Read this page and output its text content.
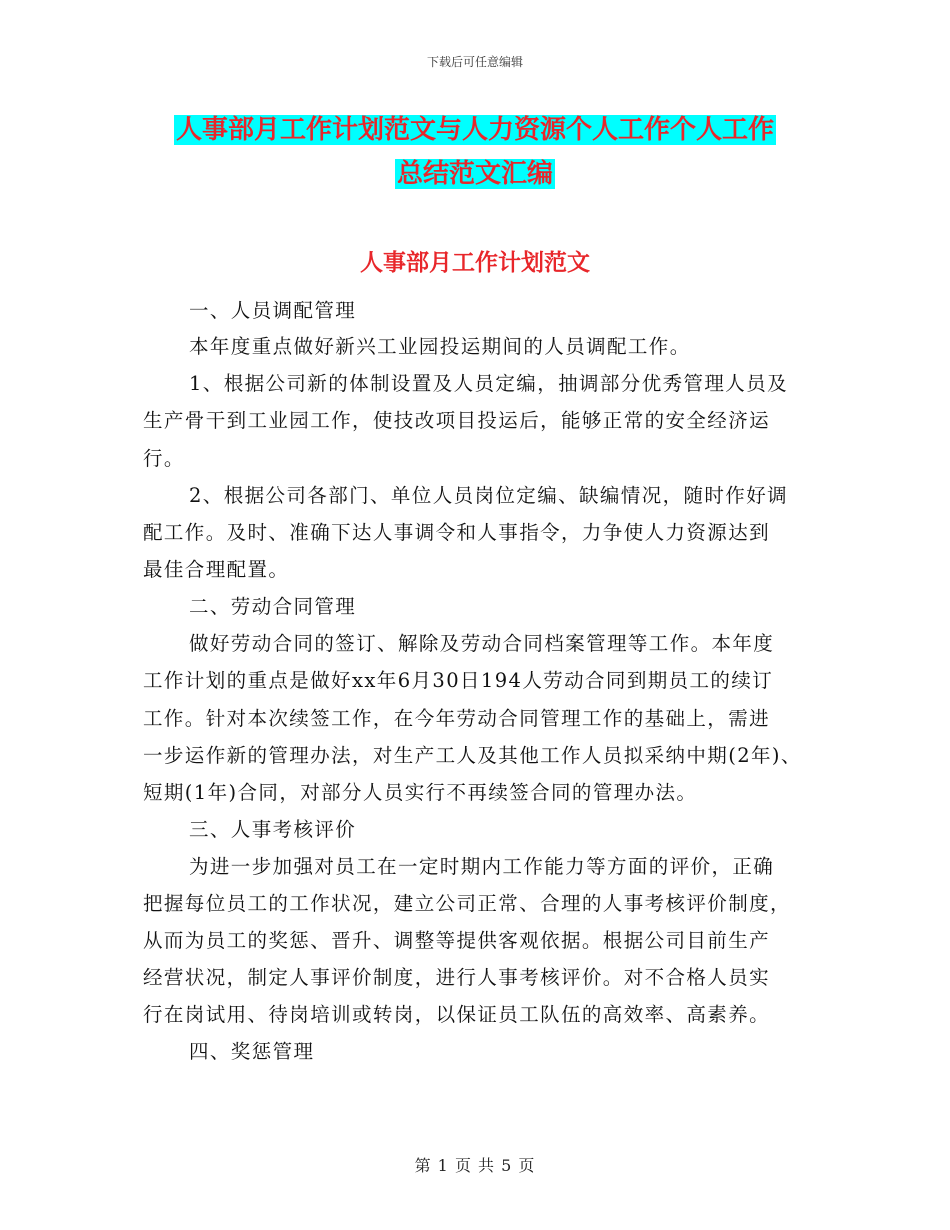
下载后可任意编辑
人事部月工作计划范文与人力资源个人工作个人工作
总结范文汇编
人事部月工作计划范文
一、人员调配管理
本年度重点做好新兴工业园投运期间的人员调配工作。
1、根据公司新的体制设置及人员定编，抽调部分优秀管理人员及
生产骨干到工业园工作，使技改项目投运后，能够正常的安全经济运
行。
2、根据公司各部门、单位人员岗位定编、缺编情况，随时作好调
配工作。及时、准确下达人事调令和人事指令，力争使人力资源达到
最佳合理配置。
二、劳动合同管理
做好劳动合同的签订、解除及劳动合同档案管理等工作。本年度
工作计划的重点是做好xx年6月30日194人劳动合同到期员工的续订
工作。针对本次续签工作，在今年劳动合同管理工作的基础上，需进
一步运作新的管理办法，对生产工人及其他工作人员拟采纳中期(2年)、
短期(1年)合同，对部分人员实行不再续签合同的管理办法。
三、人事考核评价
为进一步加强对员工在一定时期内工作能力等方面的评价，正确
把握每位员工的工作状况，建立公司正常、合理的人事考核评价制度，
从而为员工的奖惩、晋升、调整等提供客观依据。根据公司目前生产
经营状况，制定人事评价制度，进行人事考核评价。对不合格人员实
行在岗试用、待岗培训或转岗，以保证员工队伍的高效率、高素养。
四、奖惩管理
第 1 页 共 5 页
